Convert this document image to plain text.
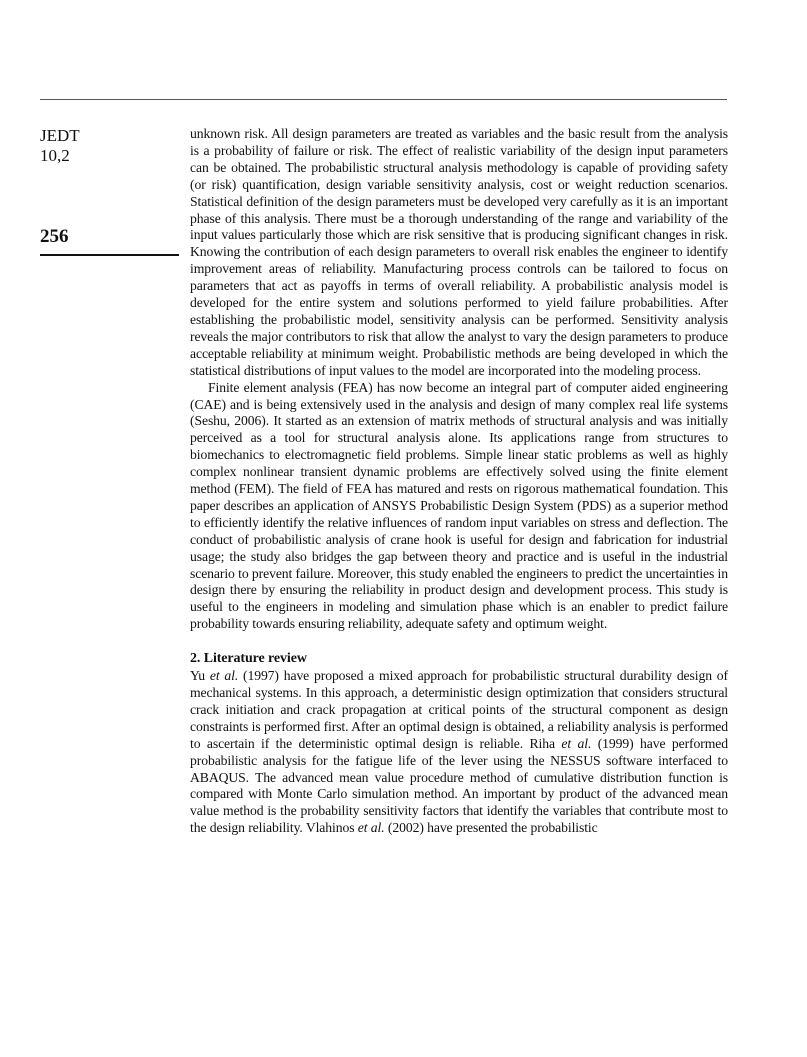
JEDT
10,2
256

unknown risk. All design parameters are treated as variables and the basic result from the analysis is a probability of failure or risk. The effect of realistic variability of the design input parameters can be obtained. The probabilistic structural analysis methodology is capable of providing safety (or risk) quantification, design variable sensitivity analysis, cost or weight reduction scenarios. Statistical definition of the design parameters must be developed very carefully as it is an important phase of this analysis. There must be a thorough understanding of the range and variability of the input values particularly those which are risk sensitive that is producing significant changes in risk. Knowing the contribution of each design parameters to overall risk enables the engineer to identify improvement areas of reliability. Manufacturing process controls can be tailored to focus on parameters that act as payoffs in terms of overall reliability. A probabilistic analysis model is developed for the entire system and solutions performed to yield failure probabilities. After establishing the probabilistic model, sensitivity analysis can be performed. Sensitivity analysis reveals the major contributors to risk that allow the analyst to vary the design parameters to produce acceptable reliability at minimum weight. Probabilistic methods are being developed in which the statistical distributions of input values to the model are incorporated into the modeling process.

Finite element analysis (FEA) has now become an integral part of computer aided engineering (CAE) and is being extensively used in the analysis and design of many complex real life systems (Seshu, 2006). It started as an extension of matrix methods of structural analysis and was initially perceived as a tool for structural analysis alone. Its applications range from structures to biomechanics to electromagnetic field problems. Simple linear static problems as well as highly complex nonlinear transient dynamic problems are effectively solved using the finite element method (FEM). The field of FEA has matured and rests on rigorous mathematical foundation. This paper describes an application of ANSYS Probabilistic Design System (PDS) as a superior method to efficiently identify the relative influences of random input variables on stress and deflection. The conduct of probabilistic analysis of crane hook is useful for design and fabrication for industrial usage; the study also bridges the gap between theory and practice and is useful in the industrial scenario to prevent failure. Moreover, this study enabled the engineers to predict the uncertainties in design there by ensuring the reliability in product design and development process. This study is useful to the engineers in modeling and simulation phase which is an enabler to predict failure probability towards ensuring reliability, adequate safety and optimum weight.

2. Literature review

Yu et al. (1997) have proposed a mixed approach for probabilistic structural durability design of mechanical systems. In this approach, a deterministic design optimization that considers structural crack initiation and crack propagation at critical points of the structural component as design constraints is performed first. After an optimal design is obtained, a reliability analysis is performed to ascertain if the deterministic optimal design is reliable. Riha et al. (1999) have performed probabilistic analysis for the fatigue life of the lever using the NESSUS software interfaced to ABAQUS. The advanced mean value procedure method of cumulative distribution function is compared with Monte Carlo simulation method. An important by product of the advanced mean value method is the probability sensitivity factors that identify the variables that contribute most to the design reliability. Vlahinos et al. (2002) have presented the probabilistic
